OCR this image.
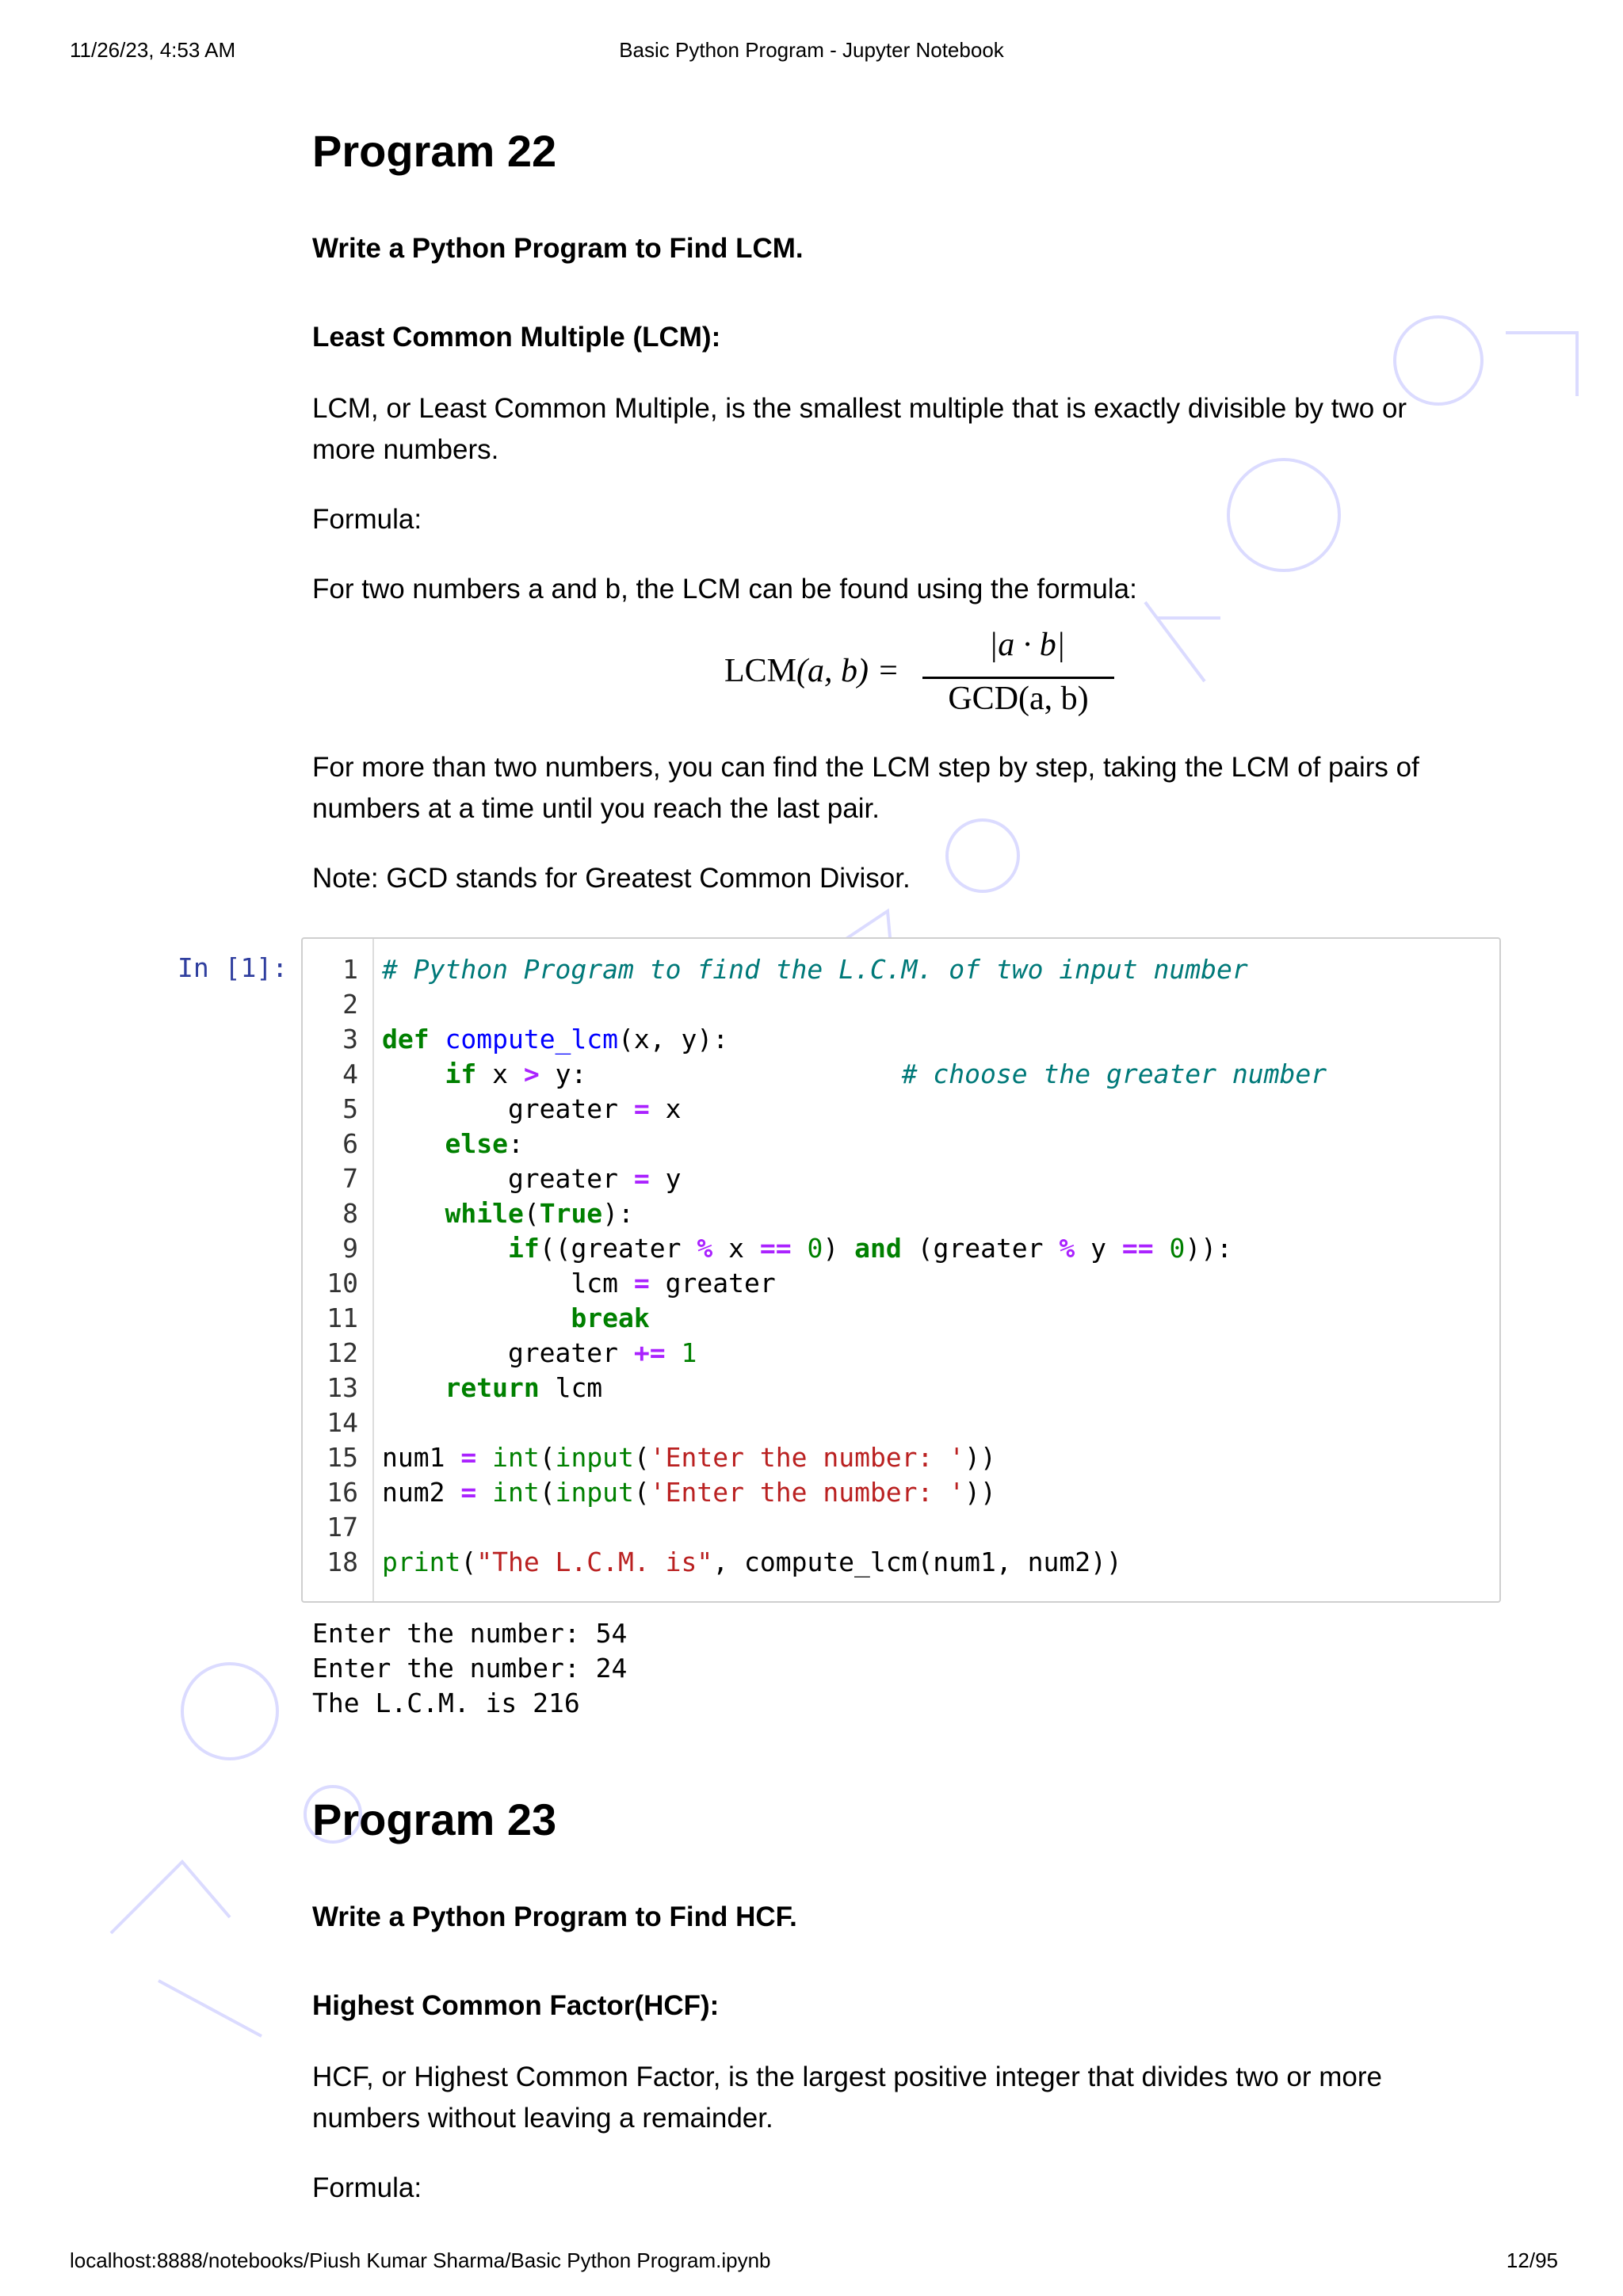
11/26/23, 4:53 AM	Basic Python Program - Jupyter Notebook
Program 22
Write a Python Program to Find LCM.
Least Common Multiple (LCM):
LCM, or Least Common Multiple, is the smallest multiple that is exactly divisible by two or more numbers.
Formula:
For two numbers a and b, the LCM can be found using the formula:
LCM(a, b) =
|a · b|
GCD(a, b)
For more than two numbers, you can find the LCM step by step, taking the LCM of pairs of numbers at a time until you reach the last pair.
Note: GCD stands for Greatest Common Divisor.
In [1]:	1
2
3
4
5
6
7
8
9
10
11
12
13
14
15
16
17
18
# Python Program to find the L.C.M. of two input number

def compute_lcm(x, y):
if x > y:                    # choose the greater number
greater = x
else:
greater = y
while(True):
if((greater % x == 0) and (greater % y == 0)):
lcm = greater
break
greater += 1
return lcm

num1 = int(input('Enter the number: '))
num2 = int(input('Enter the number: '))

print("The L.C.M. is", compute_lcm(num1, num2))
Enter the number: 54
Enter the number: 24
The L.C.M. is 216
Program 23
Write a Python Program to Find HCF.
Highest Common Factor(HCF):
HCF, or Highest Common Factor, is the largest positive integer that divides two or more numbers without leaving a remainder.
Formula:
localhost:8888/notebooks/Piush Kumar Sharma/Basic Python Program.ipynb	12/95
